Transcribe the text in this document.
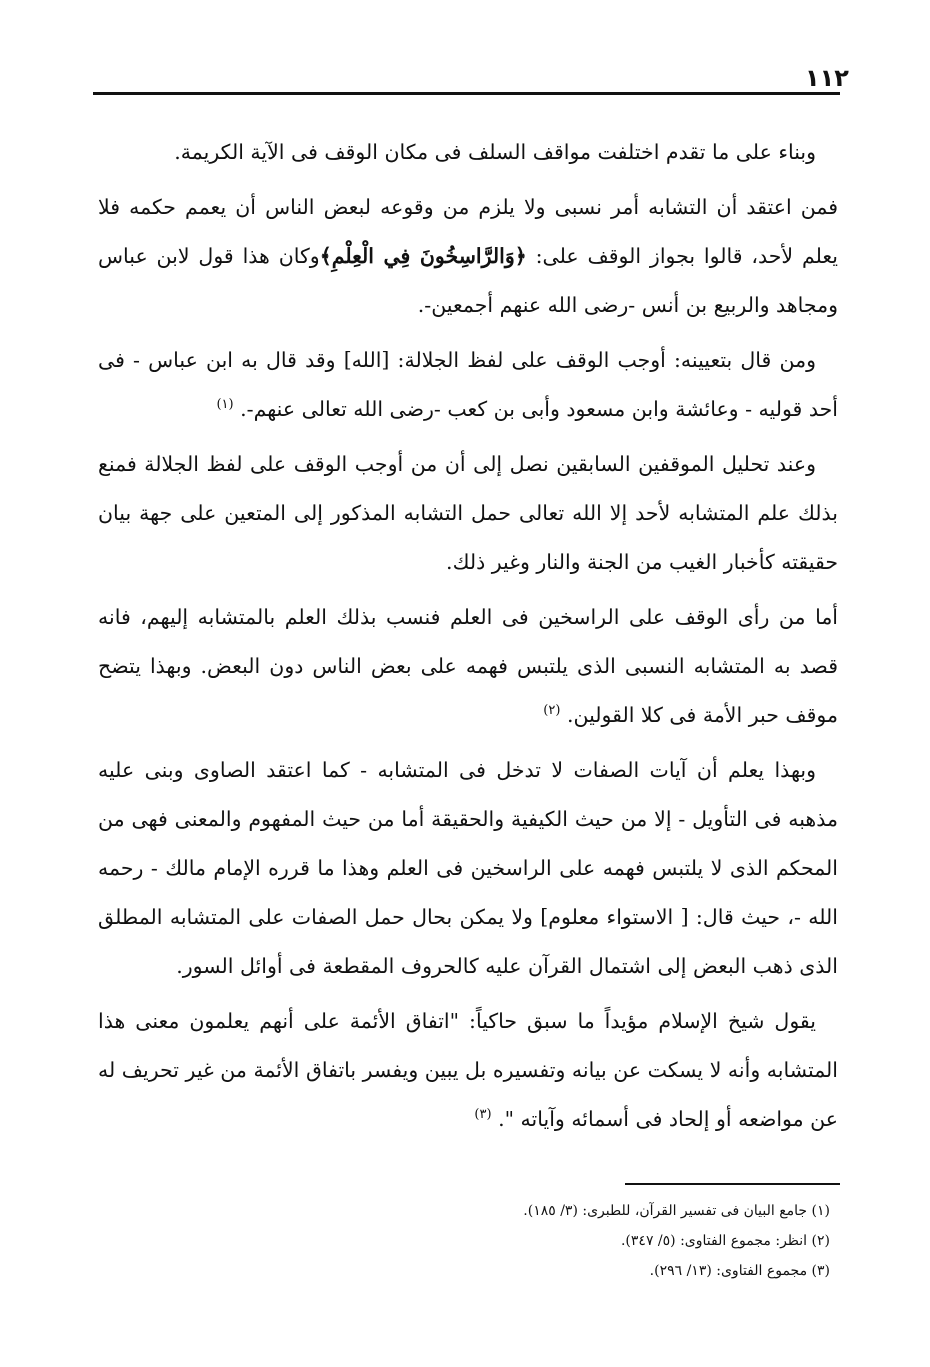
١١٢

وبناء على ما تقدم اختلفت مواقف السلف فى مكان الوقف فى الآية الكريمة.

فمن اعتقد أن التشابه أمر نسبى ولا يلزم من وقوعه لبعض الناس أن يعمم حكمه فلا يعلم لأحد، قالوا بجواز الوقف على: ﴿وَالرَّاسِخُونَ فِي الْعِلْمِ﴾وكان هذا قول لابن عباس ومجاهد والربيع بن أنس -رضى الله عنهم أجمعين-.

ومن قال بتعيينه: أوجب الوقف على لفظ الجلالة: [الله] وقد قال به ابن عباس - فى أحد قوليه - وعائشة وابن مسعود وأبى بن كعب -رضى الله تعالى عنهم-. $^{(١)}$

وعند تحليل الموقفين السابقين نصل إلى أن من أوجب الوقف على لفظ الجلالة فمنع بذلك علم المتشابه لأحد إلا الله تعالى حمل التشابه المذكور إلى المتعين على جهة بيان حقيقته كأخبار الغيب من الجنة والنار وغير ذلك.

أما من رأى الوقف على الراسخين فى العلم فنسب بذلك العلم بالمتشابه إليهم، فانه قصد به المتشابه النسبى الذى يلتبس فهمه على بعض الناس دون البعض. وبهذا يتضح موقف حبر الأمة فى كلا القولين. $^{(٢)}$

وبهذا يعلم أن آيات الصفات لا تدخل فى المتشابه - كما اعتقد الصاوى وبنى عليه مذهبه فى التأويل - إلا من حيث الكيفية والحقيقة أما من حيث المفهوم والمعنى فهى من المحكم الذى لا يلتبس فهمه على الراسخين فى العلم وهذا ما قرره الإمام مالك - رحمه الله -، حيث قال: [ الاستواء معلوم] ولا يمكن بحال حمل الصفات على المتشابه المطلق الذى ذهب البعض إلى اشتمال القرآن عليه كالحروف المقطعة فى أوائل السور.

يقول شيخ الإسلام مؤيداً ما سبق حاكياً: "اتفاق الأئمة على أنهم يعلمون معنى هذا المتشابه وأنه لا يسكت عن بيانه وتفسيره بل يبين ويفسر باتفاق الأئمة من غير تحريف له عن مواضعه أو إلحاد فى أسمائه وآياته ". $^{(٣)}$

(١) جامع البيان فى تفسير القرآن، للطبرى: (٣/ ١٨٥).

(٢) انظر: مجموع الفتاوى: (٥/ ٣٤٧).

(٣) مجموع الفتاوى: (١٣/ ٢٩٦).
